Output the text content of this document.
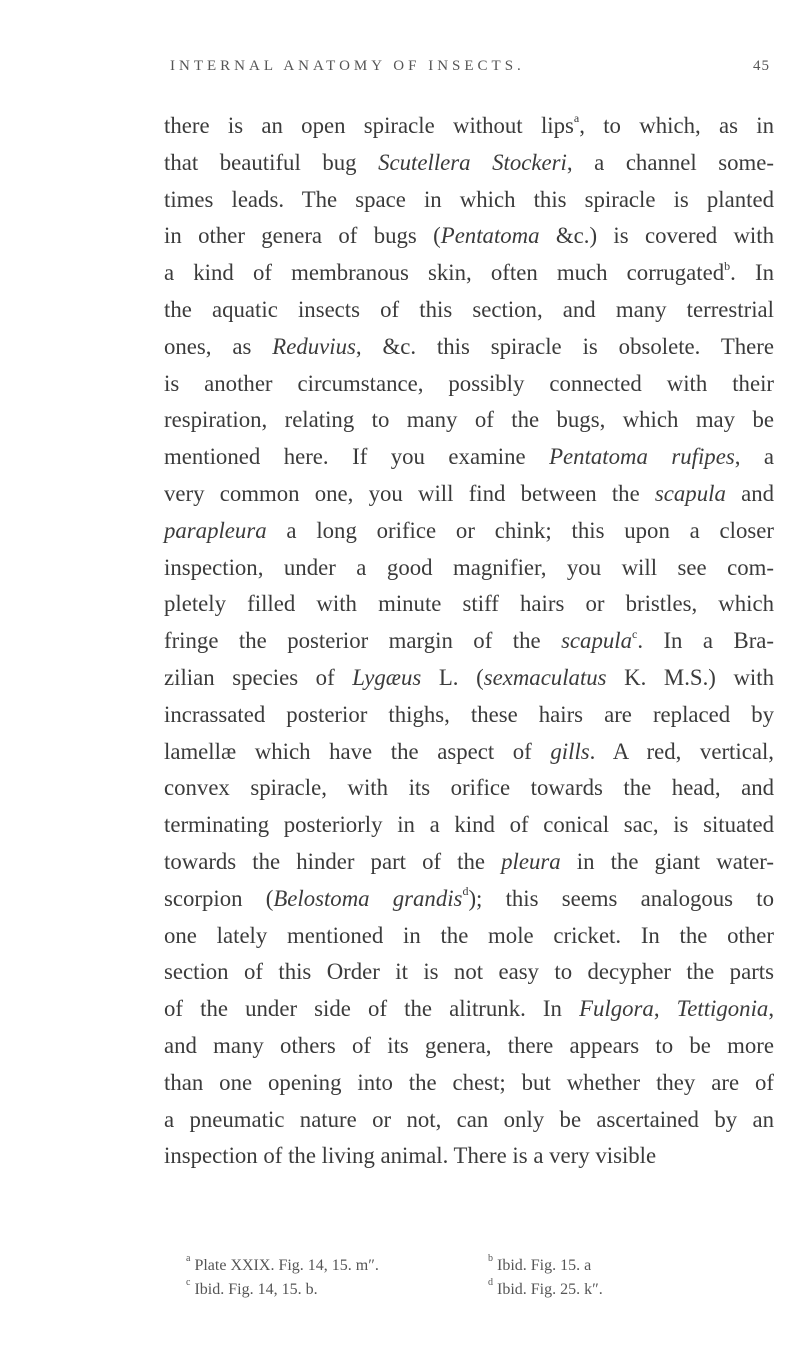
INTERNAL ANATOMY OF INSECTS.	45
there is an open spiracle without lips$^a$, to which, as in
that beautiful bug Scutellera Stockeri, a channel some-
times leads. The space in which this spiracle is planted
in other genera of bugs (Pentatoma &c.) is covered with
a kind of membranous skin, often much corrugated$^b$. In
the aquatic insects of this section, and many terrestrial
ones, as Reduvius, &c. this spiracle is obsolete. There
is another circumstance, possibly connected with their
respiration, relating to many of the bugs, which may be
mentioned here. If you examine Pentatoma rufipes, a
very common one, you will find between the scapula and
parapleura a long orifice or chink; this upon a closer
inspection, under a good magnifier, you will see com-
pletely filled with minute stiff hairs or bristles, which
fringe the posterior margin of the scapula$^c$. In a Bra-
zilian species of Lygæus L. (sexmaculatus K. M.S.) with
incrassated posterior thighs, these hairs are replaced by
lamellæ which have the aspect of gills. A red, vertical,
convex spiracle, with its orifice towards the head, and
terminating posteriorly in a kind of conical sac, is situated
towards the hinder part of the pleura in the giant water-
scorpion (Belostoma grandis$^d$); this seems analogous to
one lately mentioned in the mole cricket. In the other
section of this Order it is not easy to decypher the parts
of the under side of the alitrunk. In Fulgora, Tettigonia,
and many others of its genera, there appears to be more
than one opening into the chest; but whether they are of
a pneumatic nature or not, can only be ascertained by an
inspection of the living animal. There is a very visible
$^a$ Plate XXIX. Fig. 14, 15. m″.	$^b$ Ibid. Fig. 15. a
$^c$ Ibid. Fig. 14, 15. b.	$^d$ Ibid. Fig. 25. k″.
